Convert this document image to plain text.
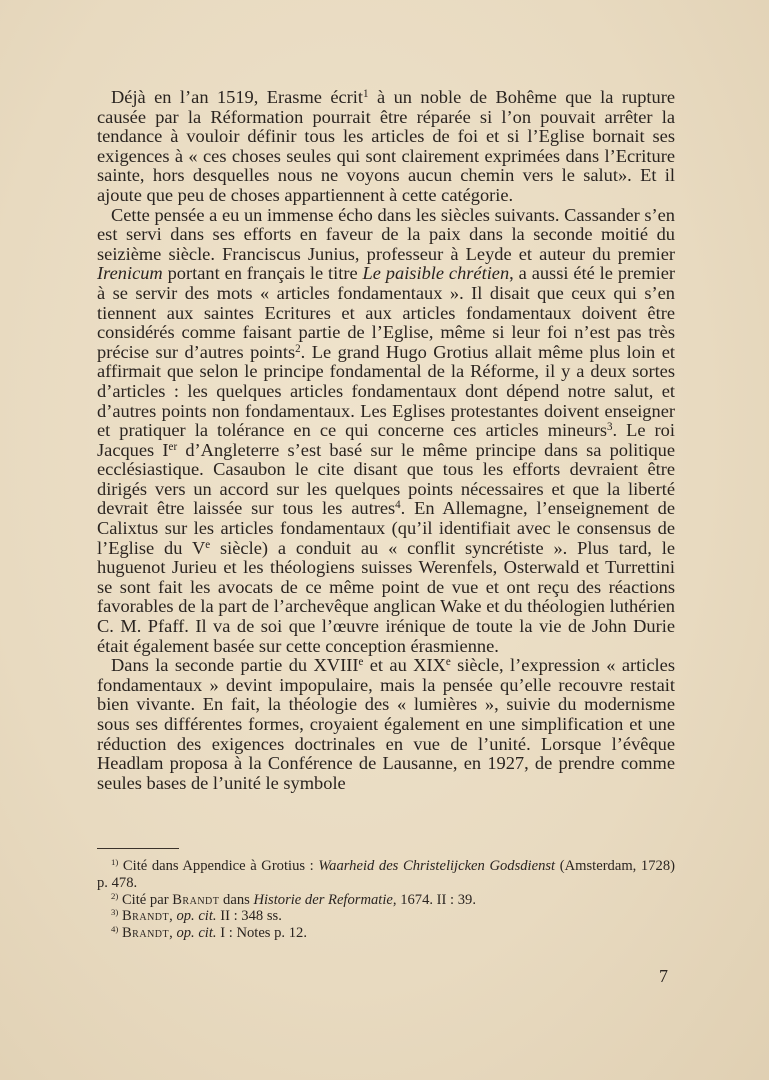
Déjà en l’an 1519, Erasme écrit$^1$ à un noble de Bohême que la rupture causée par la Réformation pourrait être réparée si l’on pouvait arrêter la tendance à vouloir définir tous les articles de foi et si l’Eglise bornait ses exigences à « ces choses seules qui sont clairement exprimées dans l’Ecriture sainte, hors desquelles nous ne voyons aucun chemin vers le salut». Et il ajoute que peu de choses appartiennent à cette catégorie.

Cette pensée a eu un immense écho dans les siècles suivants. Cassander s’en est servi dans ses efforts en faveur de la paix dans la seconde moitié du seizième siècle. Franciscus Junius, professeur à Leyde et auteur du premier Irenicum portant en français le titre Le paisible chrétien, a aussi été le premier à se servir des mots « articles fondamentaux ». Il disait que ceux qui s’en tiennent aux saintes Ecritures et aux articles fondamentaux doivent être considérés comme faisant partie de l’Eglise, même si leur foi n’est pas très précise sur d’autres points$^2$. Le grand Hugo Grotius allait même plus loin et affirmait que selon le principe fondamental de la Réforme, il y a deux sortes d’articles : les quelques articles fondamentaux dont dépend notre salut, et d’autres points non fondamentaux. Les Eglises protestantes doivent enseigner et pratiquer la tolérance en ce qui concerne ces articles mineurs$^3$. Le roi Jacques Ier d’Angleterre s’est basé sur le même principe dans sa politique ecclésiastique. Casaubon le cite disant que tous les efforts devraient être dirigés vers un accord sur les quelques points nécessaires et que la liberté devrait être laissée sur tous les autres$^4$. En Allemagne, l’enseignement de Calixtus sur les articles fondamentaux (qu’il identifiait avec le consensus de l’Eglise du Ve siècle) a conduit au « conflit syncrétiste ». Plus tard, le huguenot Jurieu et les théologiens suisses Werenfels, Osterwald et Turrettini se sont fait les avocats de ce même point de vue et ont reçu des réactions favorables de la part de l’archevêque anglican Wake et du théologien luthérien C. M. Pfaff. Il va de soi que l’œuvre irénique de toute la vie de John Durie était également basée sur cette conception érasmienne.

Dans la seconde partie du XVIIIe et au XIXe siècle, l’expression « articles fondamentaux » devint impopulaire, mais la pensée qu’elle recouvre restait bien vivante. En fait, la théologie des « lumières », suivie du modernisme sous ses différentes formes, croyaient également en une simplification et une réduction des exigences doctrinales en vue de l’unité. Lorsque l’évêque Headlam proposa à la Conférence de Lausanne, en 1927, de prendre comme seules bases de l’unité le symbole

$^{1)}$ Cité dans Appendice à Grotius : Waarheid des Christelijcken Godsdienst (Amsterdam, 1728) p. 478.

$^{2)}$ Cité par Brandt dans Historie der Reformatie, 1674. II : 39.

$^{3)}$ Brandt, op. cit. II : 348 ss.

$^{4)}$ Brandt, op. cit. I : Notes p. 12.

7
